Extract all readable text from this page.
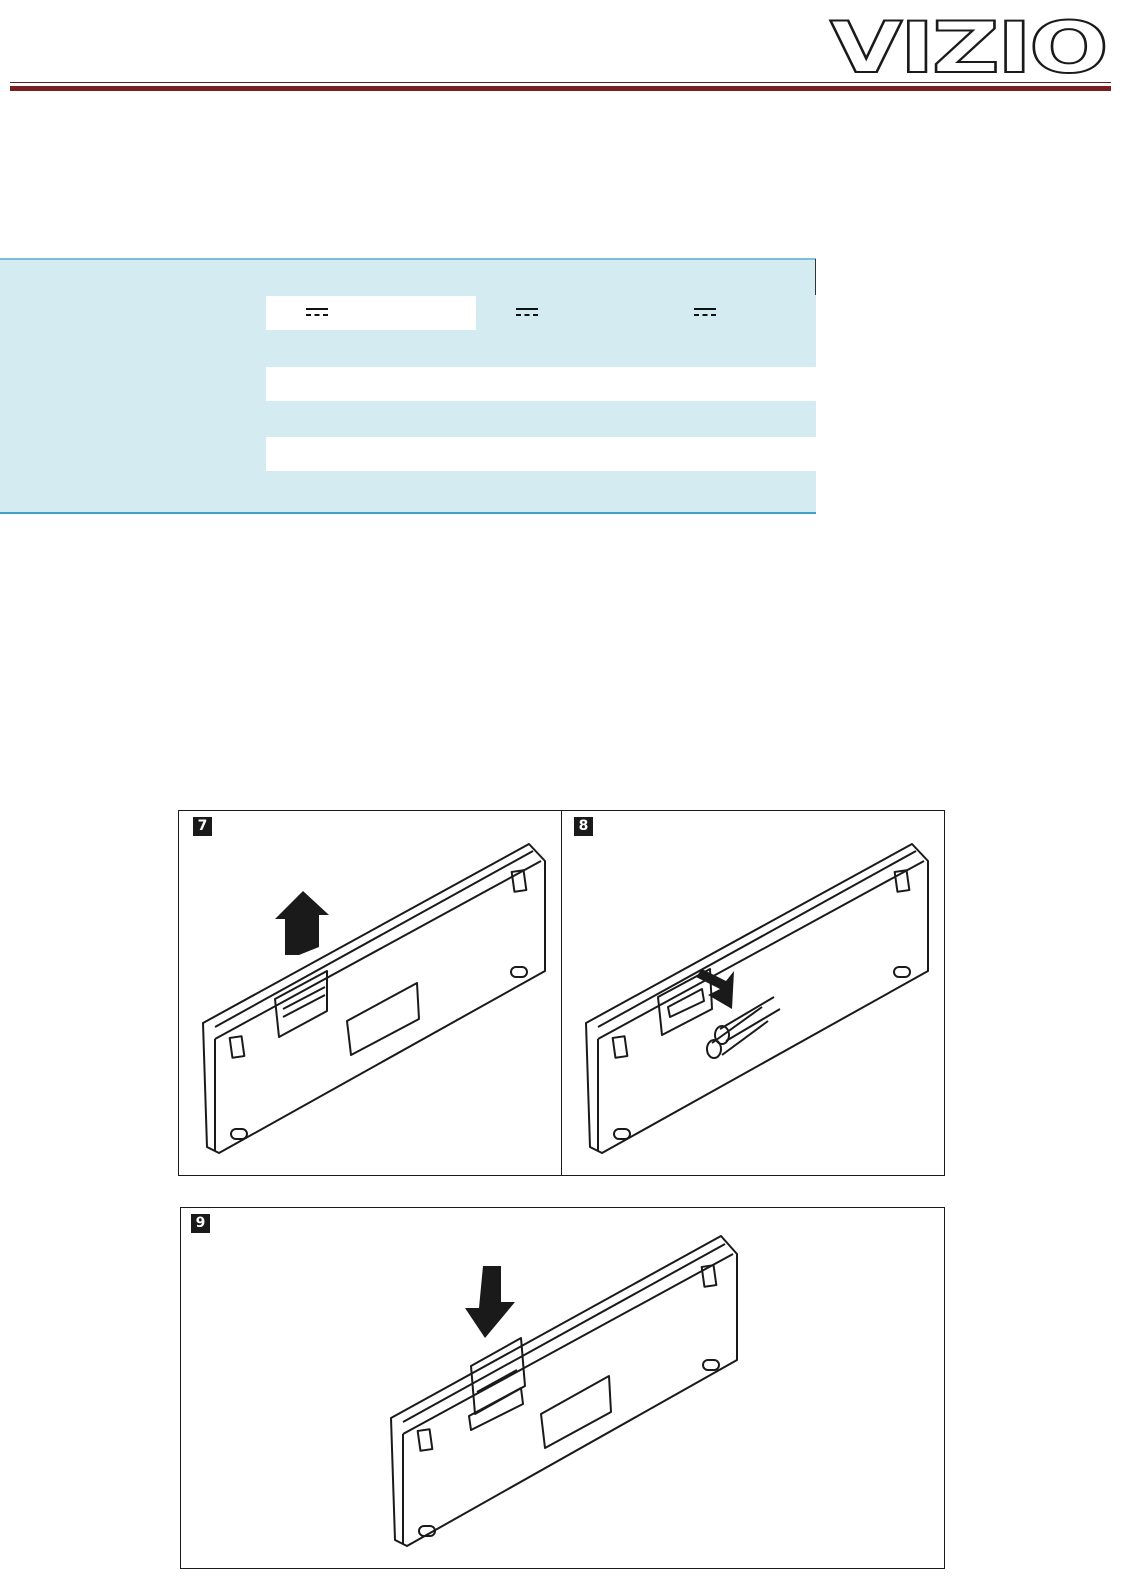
VIZIO
7	8
9
